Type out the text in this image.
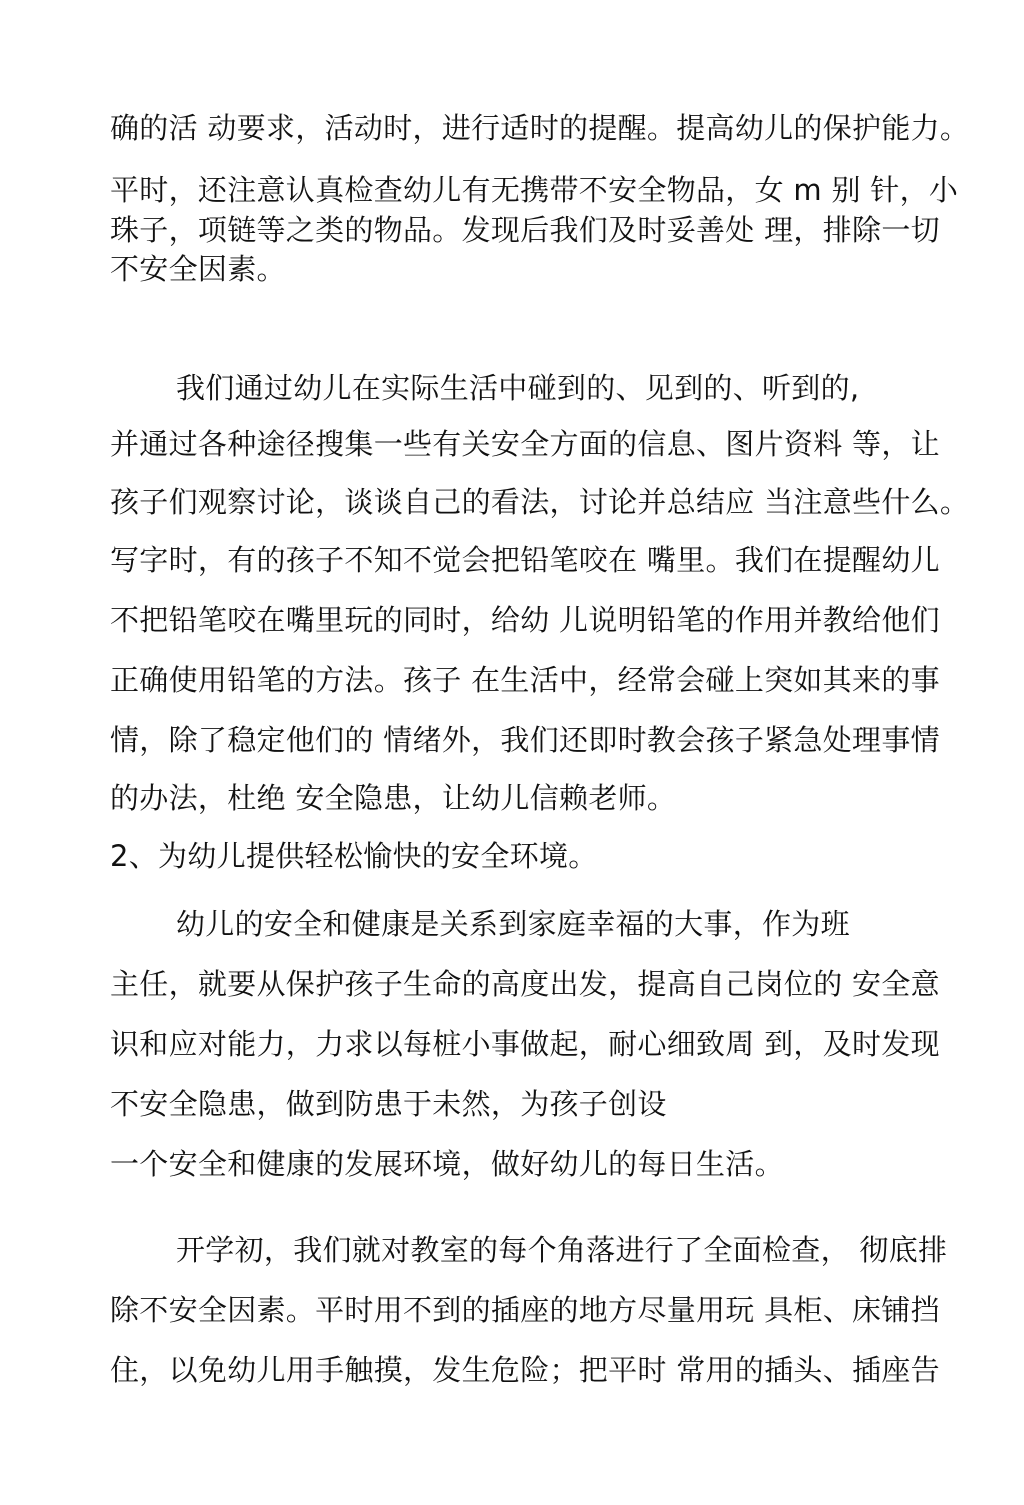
确的活 动要求，活动时，进行适时的提醒。提高幼儿的保护能力。
平时，还注意认真检查幼儿有无携带不安全物品，女 m 别 针，小
珠子，项链等之类的物品。发现后我们及时妥善处 理，排除一切
不安全因素。
我们通过幼儿在实际生活中碰到的、见到的、听到的,
并通过各种途径搜集一些有关安全方面的信息、图片资料 等，让
孩子们观察讨论，谈谈自己的看法，讨论并总结应 当注意些什么。
写字时，有的孩子不知不觉会把铅笔咬在 嘴里。我们在提醒幼儿
不把铅笔咬在嘴里玩的同时，给幼 儿说明铅笔的作用并教给他们
正确使用铅笔的方法。孩子 在生活中，经常会碰上突如其来的事
情，除了稳定他们的 情绪外，我们还即时教会孩子紧急处理事情
的办法，杜绝 安全隐患，让幼儿信赖老师。
2、为幼儿提供轻松愉快的安全环境。
幼儿的安全和健康是关系到家庭幸福的大事，作为班
主任，就要从保护孩子生命的高度出发，提高自己岗位的 安全意
识和应对能力，力求以每桩小事做起，耐心细致周 到，及时发现
不安全隐患，做到防患于未然，为孩子创设
一个安全和健康的发展环境，做好幼儿的每日生活。
开学初，我们就对教室的每个角落进行了全面检查， 彻底排
除不安全因素。平时用不到的插座的地方尽量用玩 具柜、床铺挡
住，以免幼儿用手触摸，发生危险；把平时 常用的插头、插座告
